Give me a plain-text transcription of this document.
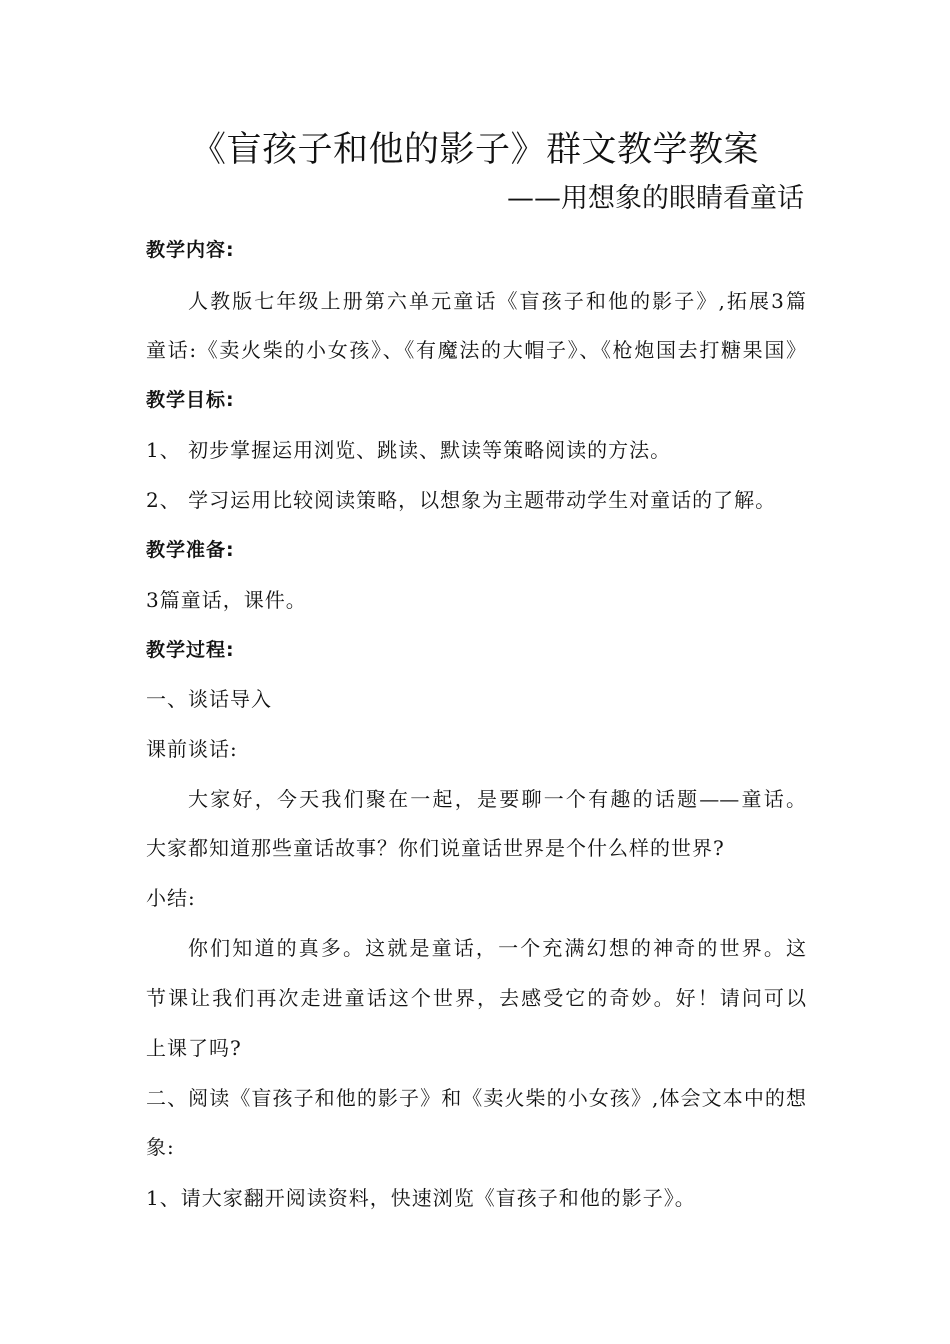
《盲孩子和他的影子》群文教学教案
——用想象的眼睛看童话
教学内容:
人教版七年级上册第六单元童话《盲孩子和他的影子》,拓展3篇
童话:《卖火柴的小女孩》、《有魔法的大帽子》、《枪炮国去打糖果国》
教学目标:
1、 初步掌握运用浏览、跳读、默读等策略阅读的方法。
2、 学习运用比较阅读策略，以想象为主题带动学生对童话的了解。
教学准备:
3篇童话，课件。
教学过程:
一、谈话导入
课前谈话:
大家好，今天我们聚在一起，是要聊一个有趣的话题——童话。
大家都知道那些童话故事？你们说童话世界是个什么样的世界?
小结:
你们知道的真多。这就是童话，一个充满幻想的神奇的世界。这
节课让我们再次走进童话这个世界，去感受它的奇妙。好！请问可以
上课了吗?
二、阅读《盲孩子和他的影子》和《卖火柴的小女孩》,体会文本中的想
象:
1、请大家翻开阅读资料，快速浏览《盲孩子和他的影子》。
